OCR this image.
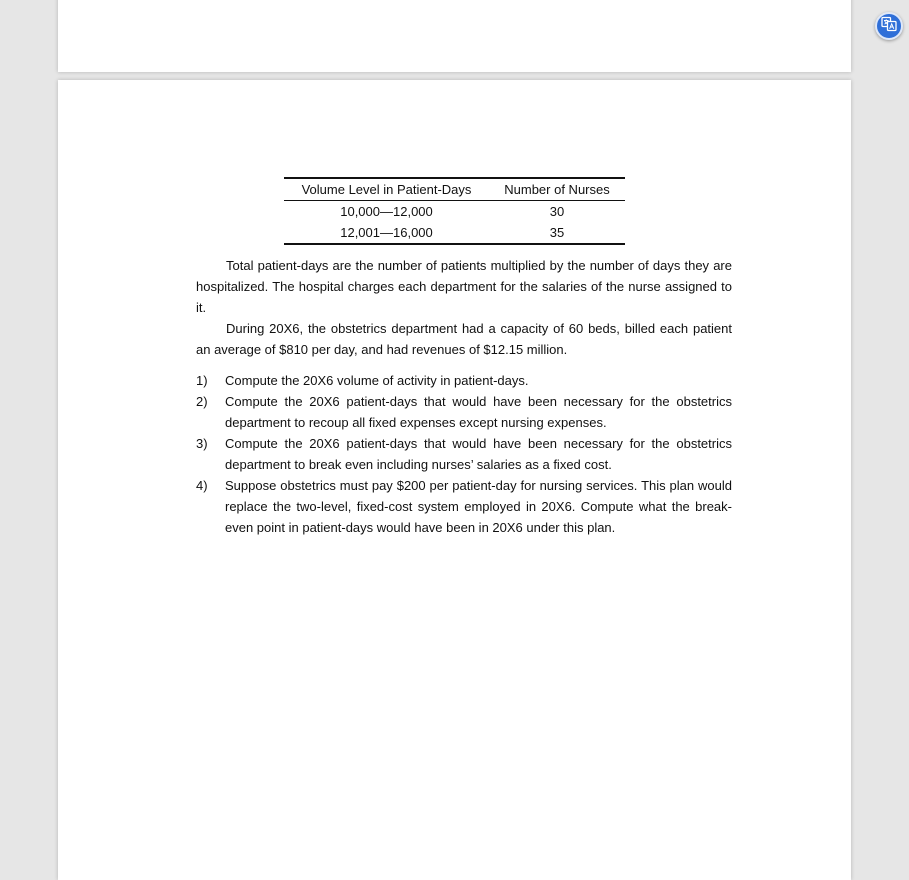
Volume Level in Patient-Days	Number of Nurses
10,000—12,000	30
12,001—16,000	35

Total patient-days are the number of patients multiplied by the number of days they are hospitalized. The hospital charges each department for the salaries of the nurse assigned to it.

During 20X6, the obstetrics department had a capacity of 60 beds, billed each patient an average of $810 per day, and had revenues of $12.15 million.

1) Compute the 20X6 volume of activity in patient-days.
2) Compute the 20X6 patient-days that would have been necessary for the obstetrics department to recoup all fixed expenses except nursing expenses.
3) Compute the 20X6 patient-days that would have been necessary for the obstetrics department to break even including nurses’ salaries as a fixed cost.
4) Suppose obstetrics must pay $200 per patient-day for nursing services. This plan would replace the two-level, fixed-cost system employed in 20X6. Compute what the break-even point in patient-days would have been in 20X6 under this plan.
